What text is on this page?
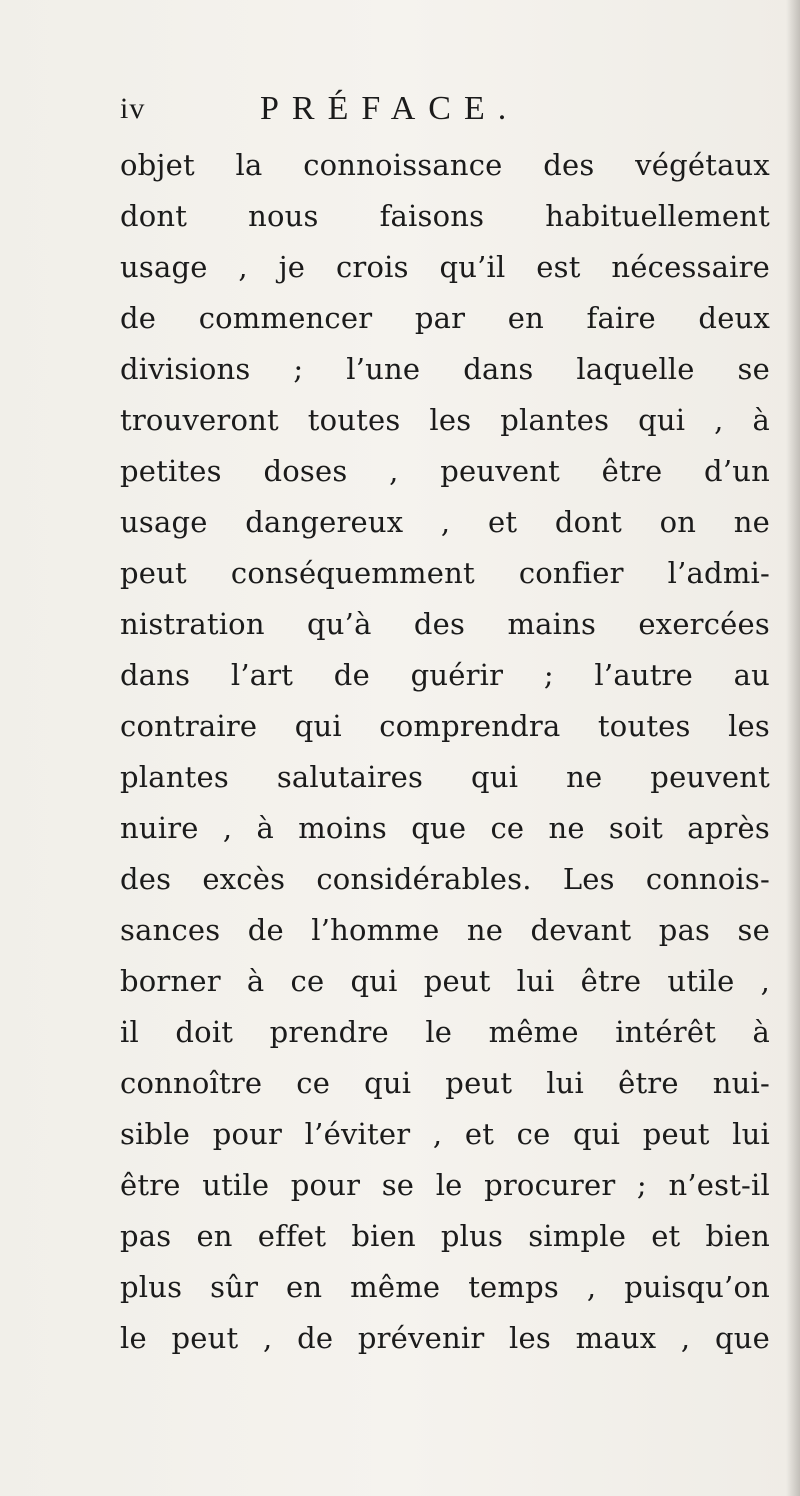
iv	PRÉFACE.
objet la connoissance des végétaux
dont nous faisons habituellement
usage , je crois qu’il est nécessaire
de commencer par en faire deux
divisions ; l’une dans laquelle se
trouveront toutes les plantes qui , à
petites doses , peuvent être d’un
usage dangereux , et dont on ne
peut conséquemment confier l’admi-
nistration qu’à des mains exercées
dans l’art de guérir ; l’autre au
contraire qui comprendra toutes les
plantes salutaires qui ne peuvent
nuire , à moins que ce ne soit après
des excès considérables. Les connois-
sances de l’homme ne devant pas se
borner à ce qui peut lui être utile ,
il doit prendre le même intérêt à
connoître ce qui peut lui être nui-
sible pour l’éviter , et ce qui peut lui
être utile pour se le procurer ; n’est-il
pas en effet bien plus simple et bien
plus sûr en même temps , puisqu’on
le peut , de prévenir les maux , que
